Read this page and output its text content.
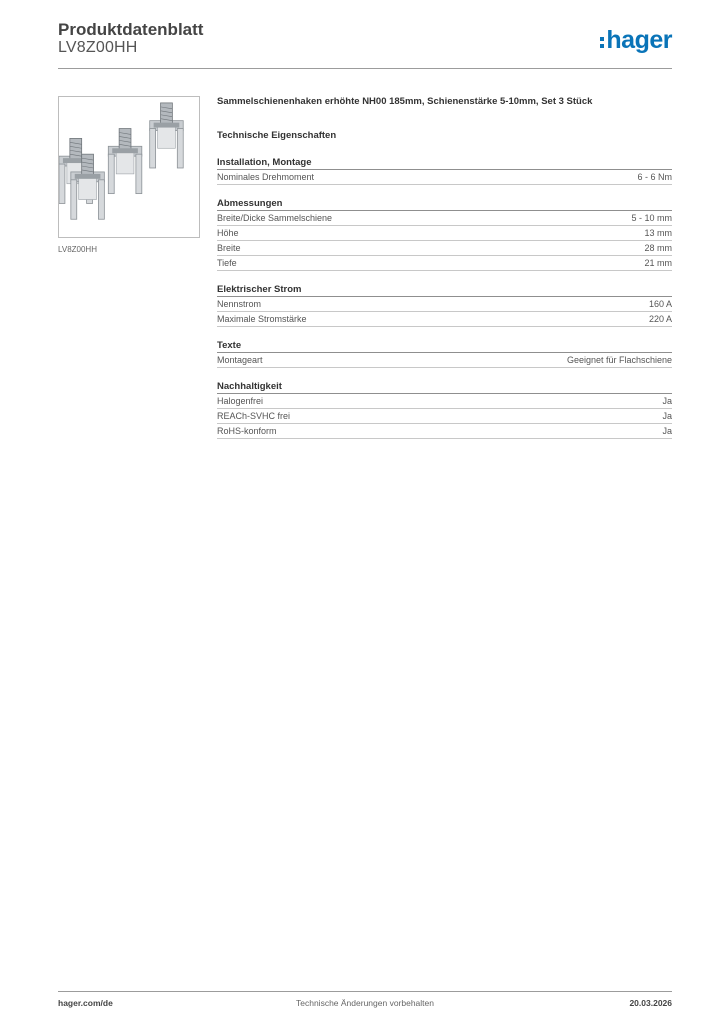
Produktdatenblatt
LV8Z00HH	hager
LV8Z00HH
Sammelschienenhaken erhöhte NH00 185mm, Schienenstärke 5-10mm, Set 3 Stück
Technische Eigenschaften
Installation, Montage
Nominales Drehmoment	6 - 6 Nm
Abmessungen
Breite/Dicke Sammelschiene	5 - 10 mm
Höhe	13 mm
Breite	28 mm
Tiefe	21 mm
Elektrischer Strom
Nennstrom	160 A
Maximale Stromstärke	220 A
Texte
Montageart	Geeignet für Flachschiene
Nachhaltigkeit
Halogenfrei	Ja
REACh-SVHC frei	Ja
RoHS-konform	Ja
hager.com/de	Technische Änderungen vorbehalten	20.03.2026
